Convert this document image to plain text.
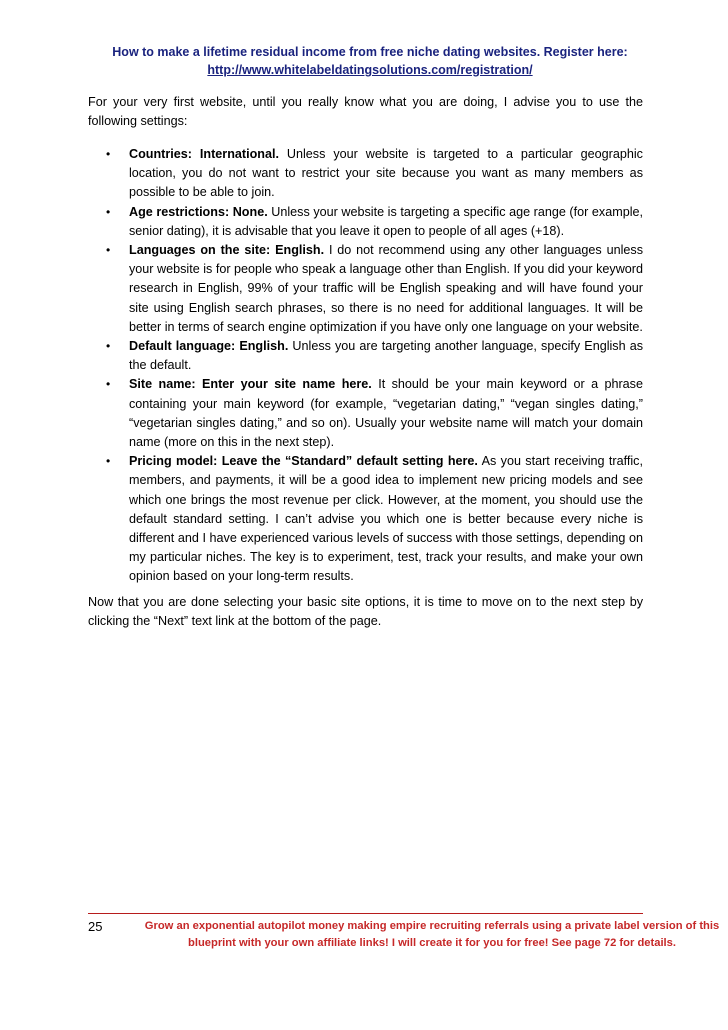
How to make a lifetime residual income from free niche dating websites. Register here:
http://www.whitelabeldatingsolutions.com/registration/

For your very first website, until you really know what you are doing, I advise you to use the following settings:

• Countries: International. Unless your website is targeted to a particular geographic location, you do not want to restrict your site because you want as many members as possible to be able to join.
• Age restrictions: None. Unless your website is targeting a specific age range (for example, senior dating), it is advisable that you leave it open to people of all ages (+18).
• Languages on the site: English. I do not recommend using any other languages unless your website is for people who speak a language other than English. If you did your keyword research in English, 99% of your traffic will be English speaking and will have found your site using English search phrases, so there is no need for additional languages. It will be better in terms of search engine optimization if you have only one language on your website.
• Default language: English. Unless you are targeting another language, specify English as the default.
• Site name: Enter your site name here. It should be your main keyword or a phrase containing your main keyword (for example, “vegetarian dating,” “vegan singles dating,” “vegetarian singles dating,” and so on). Usually your website name will match your domain name (more on this in the next step).
• Pricing model: Leave the “Standard” default setting here. As you start receiving traffic, members, and payments, it will be a good idea to implement new pricing models and see which one brings the most revenue per click. However, at the moment, you should use the default standard setting. I can’t advise you which one is better because every niche is different and I have experienced various levels of success with those settings, depending on my particular niches. The key is to experiment, test, track your results, and make your own opinion based on your long-term results.

Now that you are done selecting your basic site options, it is time to move on to the next step by clicking the “Next” text link at the bottom of the page.

25	Grow an exponential autopilot money making empire recruiting referrals using a private label version of this blueprint with your own affiliate links! I will create it for you for free! See page 72 for details.
